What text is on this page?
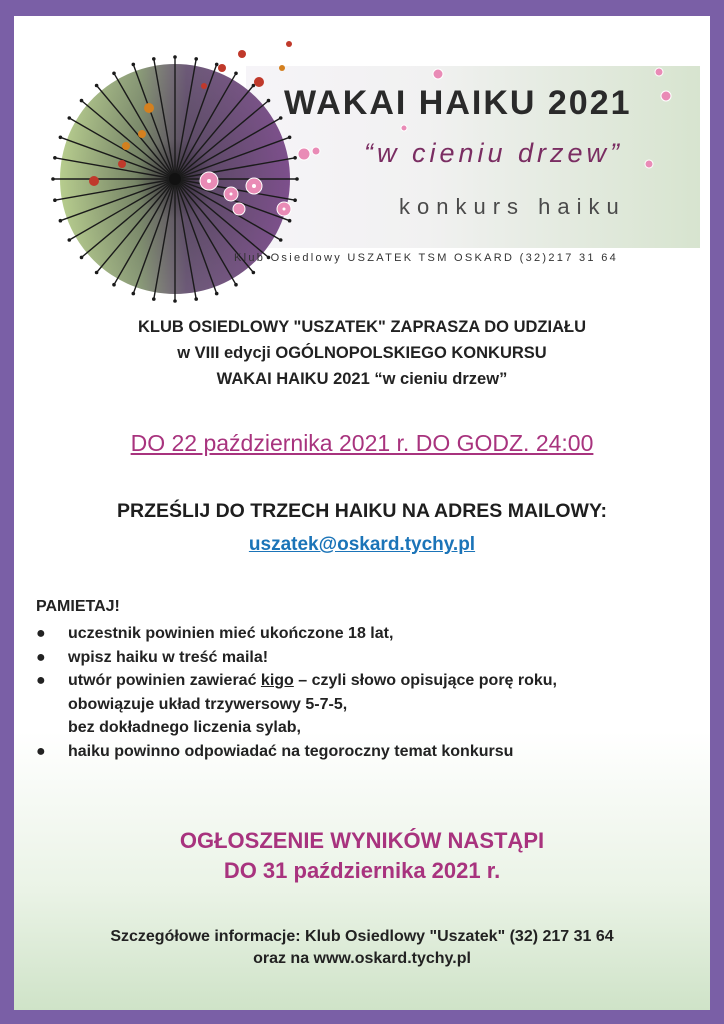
WAKAI HAIKU 2021
“w cieniu drzew”
konkurs haiku
Klub Osiedlowy USZATEK TSM OSKARD (32)217 31 64
KLUB OSIEDLOWY "USZATEK" ZAPRASZA DO UDZIAŁU
w VIII edycji OGÓLNOPOLSKIEGO KONKURSU
WAKAI HAIKU 2021 “w cieniu drzew”
DO 22 października 2021 r. DO GODZ. 24:00
PRZEŚLIJ DO TRZECH HAIKU NA ADRES MAILOWY:
uszatek@oskard.tychy.pl
PAMIETAJ!
● uczestnik powinien mieć ukończone 18 lat,
● wpisz haiku w treść maila!
● utwór powinien zawierać kigo – czyli słowo opisujące porę roku,
obowiązuje układ trzywersowy 5-7-5,
bez dokładnego liczenia sylab,
● haiku powinno odpowiadać na tegoroczny temat konkursu
OGŁOSZENIE WYNIKÓW NASTĄPI
DO 31 października 2021 r.
Szczegółowe informacje: Klub Osiedlowy "Uszatek" (32) 217 31 64
oraz na www.oskard.tychy.pl
